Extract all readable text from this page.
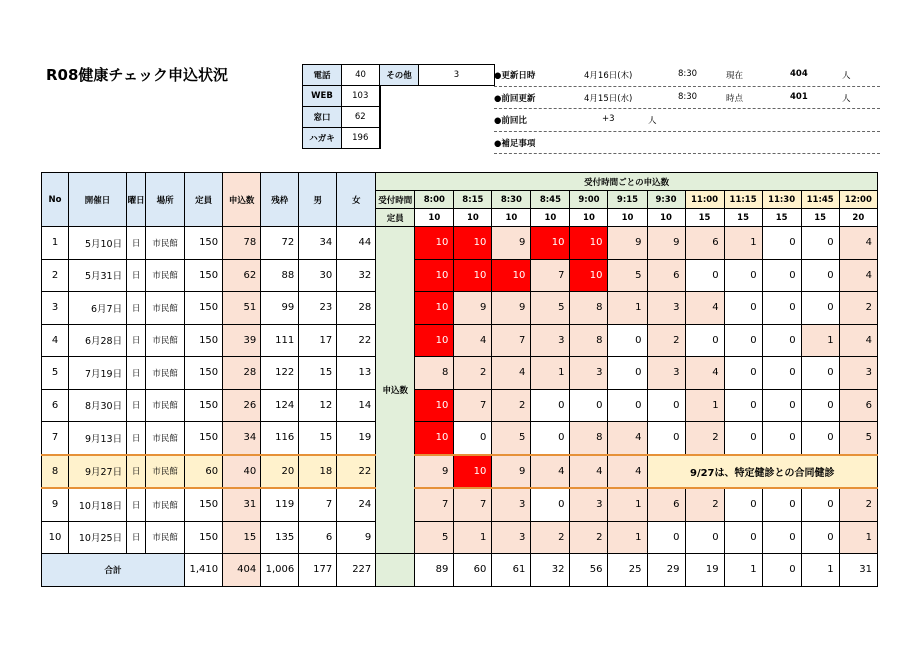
R08健康チェック申込状況	電話	40	その他	3
WEB	103		
窓口	62		
ハガキ	196		
●更新日時	4月16日(木)	8:30	現在	404	人
●前回更新	4月15日(水)	8:30	時点	401	人
●前回比	+3	人
●補足事項
No	開催日	曜日	場所	定員	申込数	残枠	男	女	受付時間ごとの申込数												
									受付時間	8:00	8:15	8:30	8:45	9:00	9:15	9:30	11:00	11:15	11:30	11:45	12:00
									定員	10	10	10	10	10	10	10	15	15	15	15	20
1	5月10日	日	市民館	150	78	72	34	44	申込数	10	10	9	10	10	9	9	6	1	0	0	4
2	5月31日	日	市民館	150	62	88	30	32		10	10	10	7	10	5	6	0	0	0	0	4
3	6月7日	日	市民館	150	51	99	23	28		10	9	9	5	8	1	3	4	0	0	0	2
4	6月28日	日	市民館	150	39	111	17	22		10	4	7	3	8	0	2	0	0	0	1	4
5	7月19日	日	市民館	150	28	122	15	13		8	2	4	1	3	0	3	4	0	0	0	3
6	8月30日	日	市民館	150	26	124	12	14		10	7	2	0	0	0	0	1	0	0	0	6
7	9月13日	日	市民館	150	34	116	15	19		10	0	5	0	8	4	0	2	0	0	0	5
8	9月27日	日	市民館	60	40	20	18	22		9	10	9	4	4	4	9/27は、特定健診との合同健診					
9	10月18日	日	市民館	150	31	119	7	24		7	7	3	0	3	1	6	2	0	0	0	2
10	10月25日	日	市民館	150	15	135	6	9		5	1	3	2	2	1	0	0	0	0	0	1
合計				1,410	404	1,006	177	227		89	60	61	32	56	25	29	19	1	0	1	31
